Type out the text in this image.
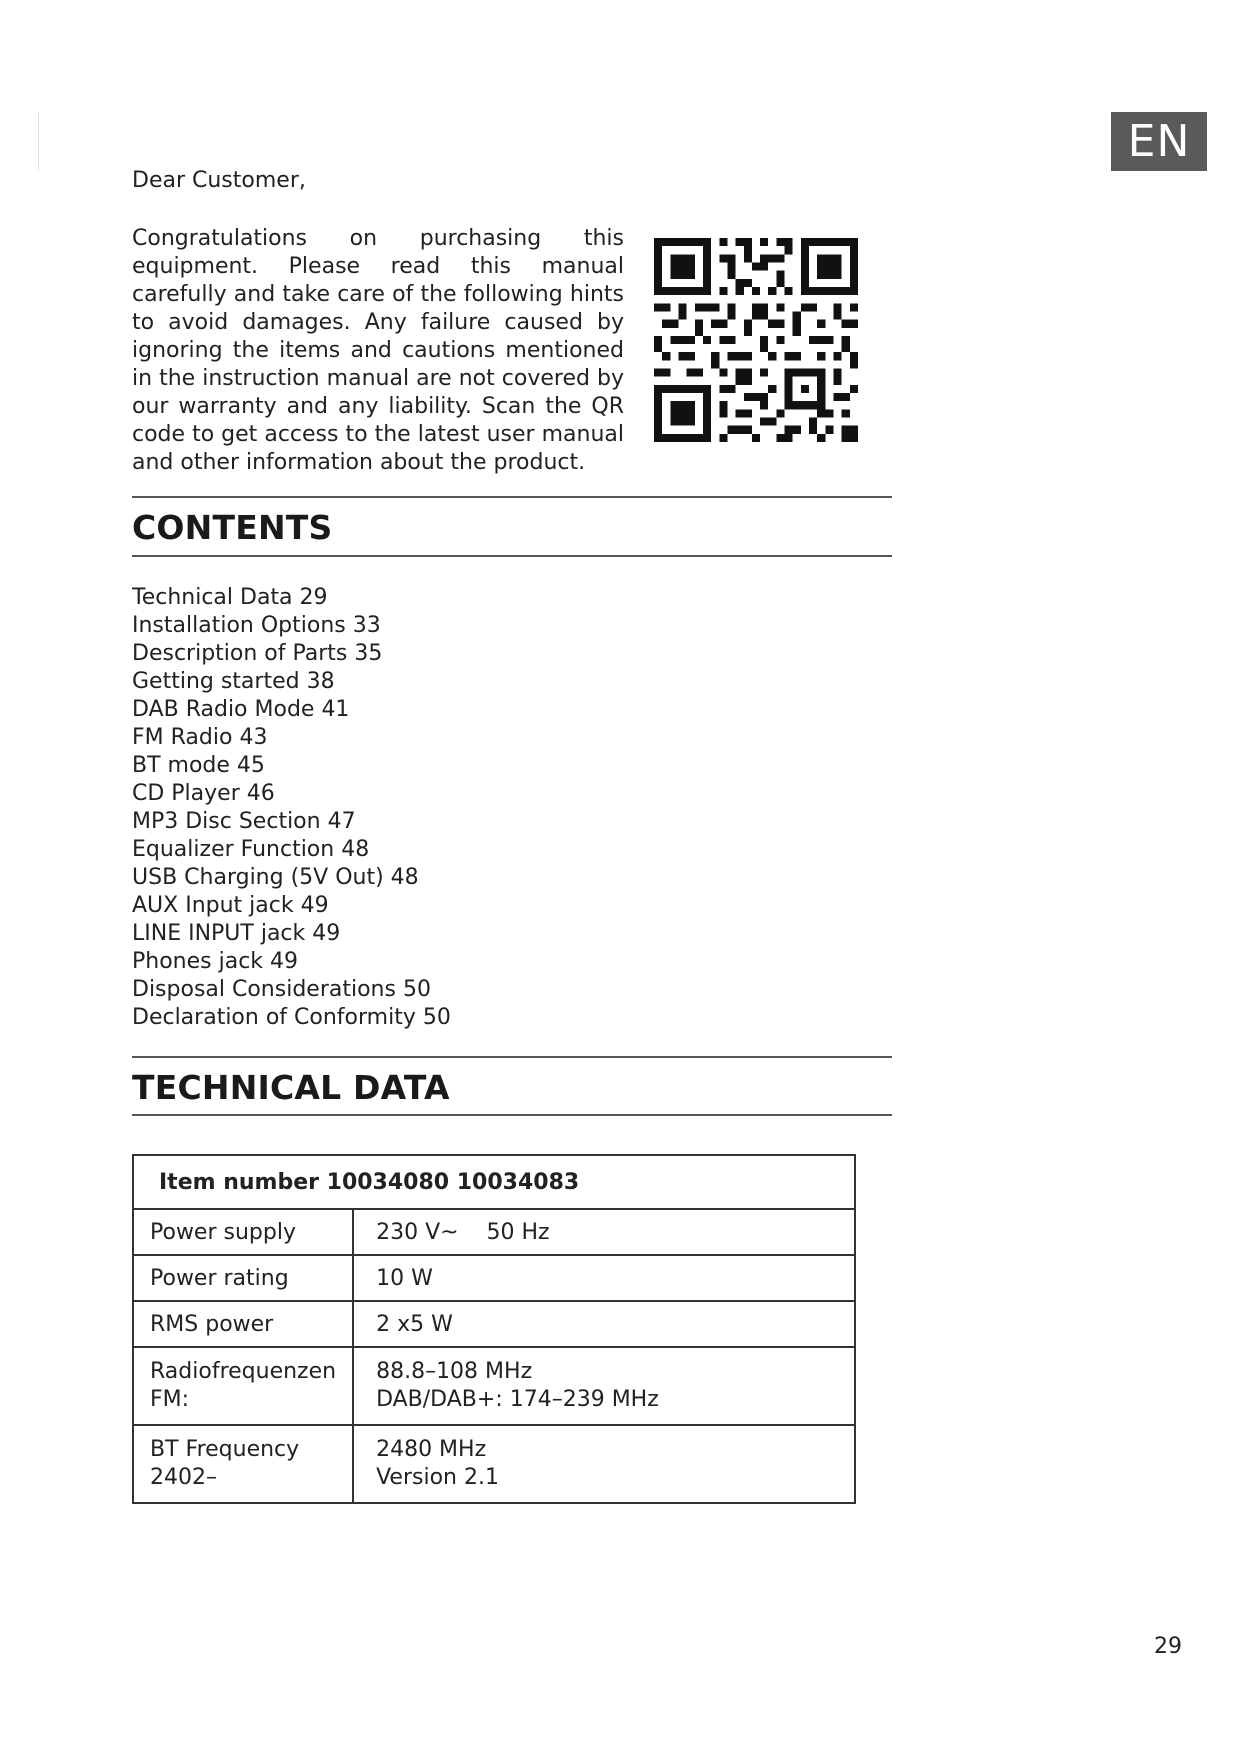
EN
Dear Customer,

Congratulations on purchasing this equipment. Please read this manual carefully and take care of the following hints to avoid damages. Any failure caused by ignoring the items and cautions mentioned in the instruction manual are not covered by our warranty and any liability. Scan the QR code to get access to the latest user manual and other information about the product.

CONTENTS
Technical Data 29
Installation Options 33
Description of Parts 35
Getting started 38
DAB Radio Mode 41
FM Radio 43
BT mode 45
CD Player 46
MP3 Disc Section 47
Equalizer Function 48
USB Charging (5V Out) 48
AUX Input jack 49
LINE INPUT jack 49
Phones jack 49
Disposal Considerations 50
Declaration of Conformity 50
TECHNICAL DATA
Item number 10034080 10034083	
Power supply	230 V~    50 Hz
Power rating	10 W
RMS power	2 x5 W
Radiofrequenzen FM:	88.8–108 MHz
DAB/DAB+: 174–239 MHz

BT Frequency 2402–	2480 MHz
Version 2.1
29
